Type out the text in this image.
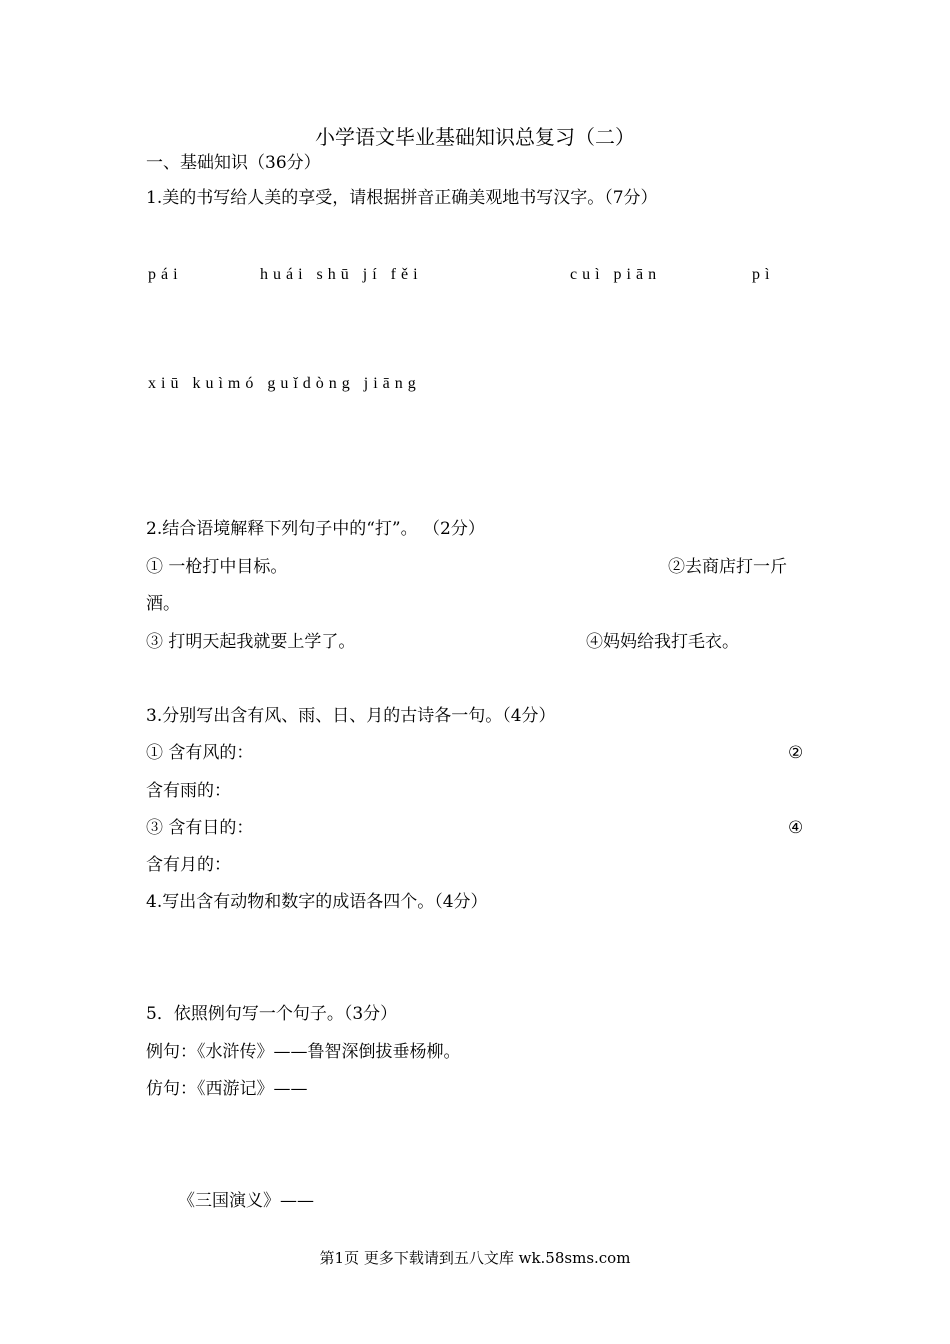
小学语文毕业基础知识总复习（二）
一、基础知识（36分）
1.美的书写给人美的享受，请根据拼音正确美观地书写汉字。（7分）
pái	huái shū jí fěi	cuì piān	pì
xiū kuìmó guǐdòng jiāng
2.结合语境解释下列句子中的“打”。 （2分）
① 一枪打中目标。	②去商店打一斤
酒。
③ 打明天起我就要上学了。	④妈妈给我打毛衣。
3.分别写出含有风、雨、日、月的古诗各一句。（4分）
① 含有风的：	②
含有雨的：
③ 含有日的：	④
含有月的：
4.写出含有动物和数字的成语各四个。（4分）
5．依照例句写一个句子。（3分）
例句：《水浒传》——鲁智深倒拔垂杨柳。
仿句：《西游记》——
《三国演义》——
第1页 更多下载请到五八文库 wk.58sms.com
